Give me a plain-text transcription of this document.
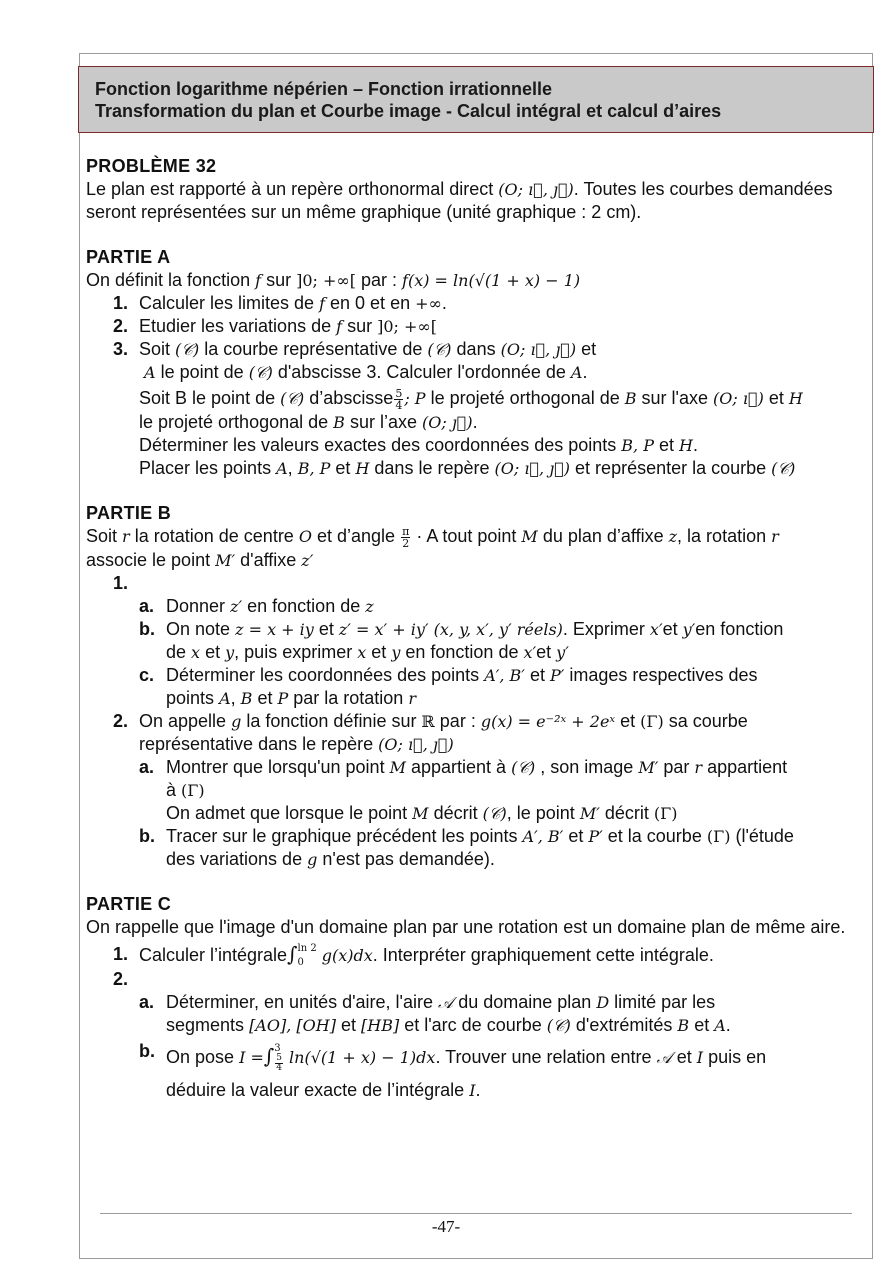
Fonction logarithme népérien – Fonction irrationnelle
Transformation du plan et Courbe image - Calcul intégral et calcul d’aires
PROBLÈME 32

Le plan est rapporté à un repère orthonormal direct (O; ı⃗, ȷ⃗). Toutes les courbes demandées seront représentées sur un même graphique (unité graphique : 2 cm).

PARTIE A

On définit la fonction f sur ]0; +∞[ par : f(x) = ln(√(1 + x) − 1)

1. Calculer les limites de f en 0 et en +∞.
2. Etudier les variations de f sur ]0; +∞[
3. Soit (𝒞) la courbe représentative de (𝒞) dans (O; ı⃗, ȷ⃗) et
A le point de (𝒞) d'abscisse 3. Calculer l'ordonnée de A.
Soit B le point de (𝒞) d’abscisse $\frac{5}{4}$ ; P le projeté orthogonal de B sur l'axe (O; ı⃗) et H
le projeté orthogonal de B sur l’axe (O; ȷ⃗).
Déterminer les valeurs exactes des coordonnées des points B, P et H.
Placer les points A, B, P et H dans le repère (O; ı⃗, ȷ⃗) et représenter la courbe (𝒞)
PARTIE B

Soit r la rotation de centre O et d’angle $\frac{\pi}{2} \cdot A$ tout point M du plan d’affixe z, la rotation r
associe le point M′ d'affixe z′

1.
a. Donner z′ en fonction de z
b. On note z = x + iy et z′ = x′ + iy′ (x, y, x′, y′ réels). Exprimer x′et y′en fonction
de x et y, puis exprimer x et y en fonction de x′et y′
c. Déterminer les coordonnées des points A′, B′ et P′ images respectives des
points A, B et P par la rotation r
2. On appelle g la fonction définie sur ℝ par : g(x) = e⁻²ˣ + 2eˣ et (Γ) sa courbe
représentative dans le repère (O; ı⃗, ȷ⃗)
a. Montrer que lorsqu'un point M appartient à (𝒞) , son image M′ par r appartient
à (Γ)
On admet que lorsque le point M décrit (𝒞), le point M′ décrit (Γ)
b. Tracer sur le graphique précédent les points A′, B′ et P′ et la courbe (Γ) (l'étude
des variations de g n'est pas demandée).
PARTIE C

On rappelle que l'image d'un domaine plan par une rotation est un domaine plan de même aire.

1. Calculer l’intégrale∫ ln 2
0	g(x)dx. Interpréter graphiquement cette intégrale.
2.
a. Déterminer, en unités d'aire, l'aire 𝒜 du domaine plan D limité par les
segments [AO], [OH] et [HB] et l'arc de courbe (𝒞) d'extrémités B et A.
b. On pose I =∫ 3
$\frac{5}{4} \ln(√(1 + x) - 1)dx$. Trouver une relation entre 𝒜 et I puis en
déduire la valeur exacte de l’intégrale I.
-47-
